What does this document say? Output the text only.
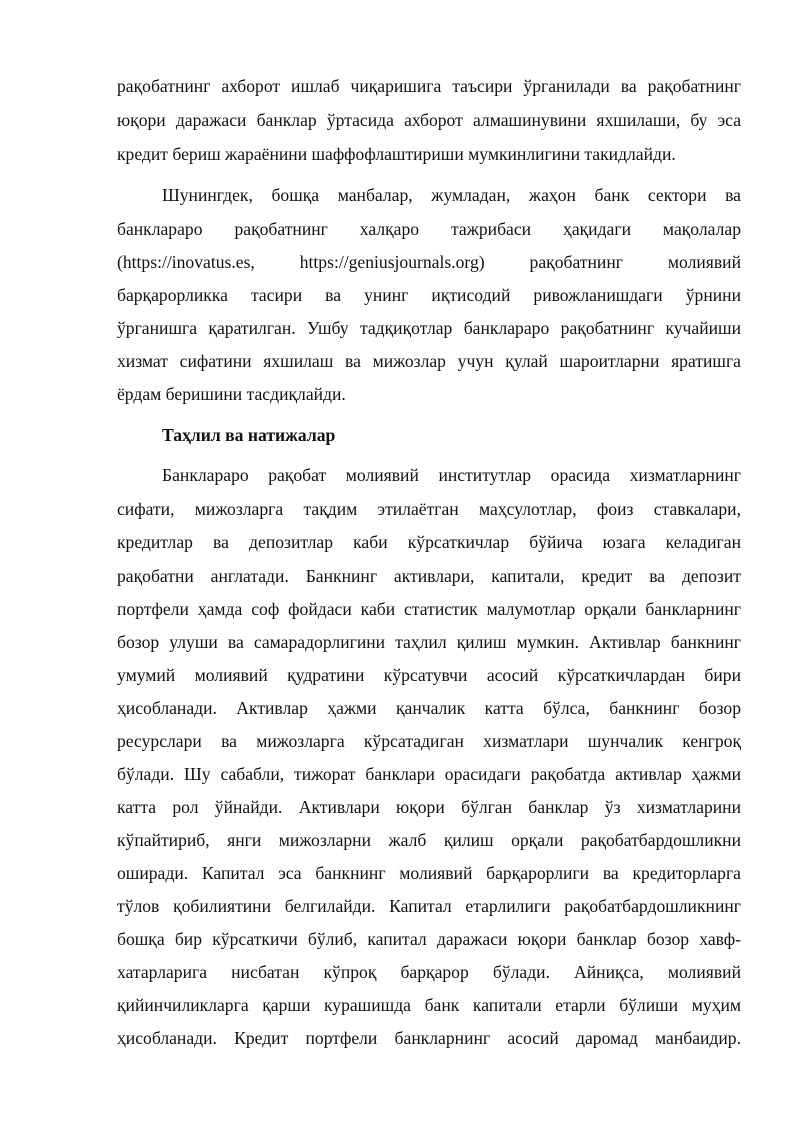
рақобатнинг ахборот ишлаб чиқаришига таъсири ўрганилади ва рақобатнинг
юқори даражаси банклар ўртасида ахборот алмашинувини яхшилаши, бу эса
кредит бериш жараёнини шаффофлаштириши мумкинлигини такидлайди.
Шунингдек, бошқа манбалар, жумладан, жаҳон банк сектори ва
банклараро рақобатнинг халқаро тажрибаси ҳақидаги мақолалар
(https://inovatus.es, https://geniusjournals.org) рақобатнинг молиявий
барқарорликка тасири ва унинг иқтисодий ривожланишдаги ўрнини
ўрганишга қаратилган. Ушбу тадқиқотлар банклараро рақобатнинг кучайиши
хизмат сифатини яхшилаш ва мижозлар учун қулай шароитларни яратишга
ёрдам беришини тасдиқлайди.
Таҳлил ва натижалар
Банклараро рақобат молиявий институтлар орасида хизматларнинг
сифати, мижозларга тақдим этилаётган маҳсулотлар, фоиз ставкалари,
кредитлар ва депозитлар каби кўрсаткичлар бўйича юзага келадиган
рақобатни англатади. Банкнинг активлари, капитали, кредит ва депозит
портфели ҳамда соф фойдаси каби статистик малумотлар орқали банкларнинг
бозор улуши ва самарадорлигини таҳлил қилиш мумкин. Активлар банкнинг
умумий молиявий қудратини кўрсатувчи асосий кўрсаткичлардан бири
ҳисобланади. Активлар ҳажми қанчалик катта бўлса, банкнинг бозор
ресурслари ва мижозларга кўрсатадиган хизматлари шунчалик кенгроқ
бўлади. Шу сабабли, тижорат банклари орасидаги рақобатда активлар ҳажми
катта рол ўйнайди. Активлари юқори бўлган банклар ўз хизматларини
кўпайтириб, янги мижозларни жалб қилиш орқали рақобатбардошликни
оширади. Капитал эса банкнинг молиявий барқарорлиги ва кредиторларга
тўлов қобилиятини белгилайди. Капитал етарлилиги рақобатбардошликнинг
бошқа бир кўрсаткичи бўлиб, капитал даражаси юқори банклар бозор хавф-
хатарларига нисбатан кўпроқ барқарор бўлади. Айниқса, молиявий
қийинчиликларга қарши курашишда банк капитали етарли бўлиши муҳим
ҳисобланади. Кредит портфели банкларнинг асосий даромад манбаидир.
